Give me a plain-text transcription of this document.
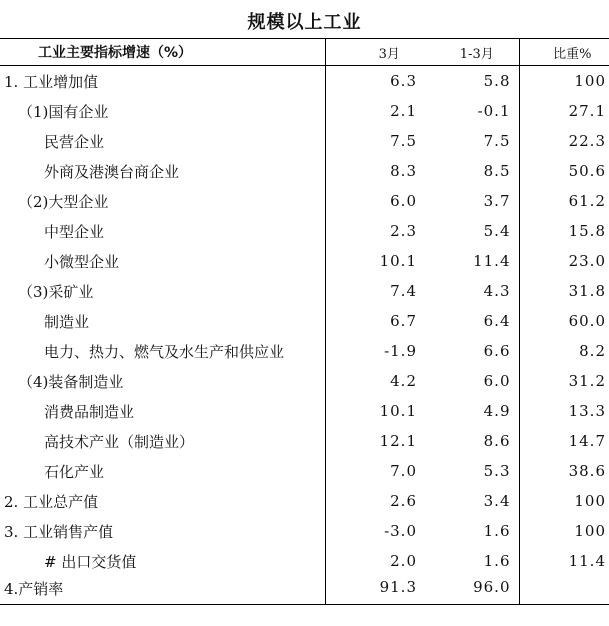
规模以上工业
工业主要指标增速（%）	3月	1-3月	比重%
1. 工业增加值	6.3	5.8	100
（1)国有企业	2.1	-0.1	27.1
民营企业	7.5	7.5	22.3
外商及港澳台商企业	8.3	8.5	50.6
（2)大型企业	6.0	3.7	61.2
中型企业	2.3	5.4	15.8
小微型企业	10.1	11.4	23.0
（3)采矿业	7.4	4.3	31.8
制造业	6.7	6.4	60.0
电力、热力、燃气及水生产和供应业	-1.9	6.6	8.2
（4)装备制造业	4.2	6.0	31.2
消费品制造业	10.1	4.9	13.3
高技术产业（制造业）	12.1	8.6	14.7
石化产业	7.0	5.3	38.6
2. 工业总产值	2.6	3.4	100
3. 工业销售产值	-3.0	1.6	100
# 出口交货值	2.0	1.6	11.4
4.产销率	91.3	96.0	
